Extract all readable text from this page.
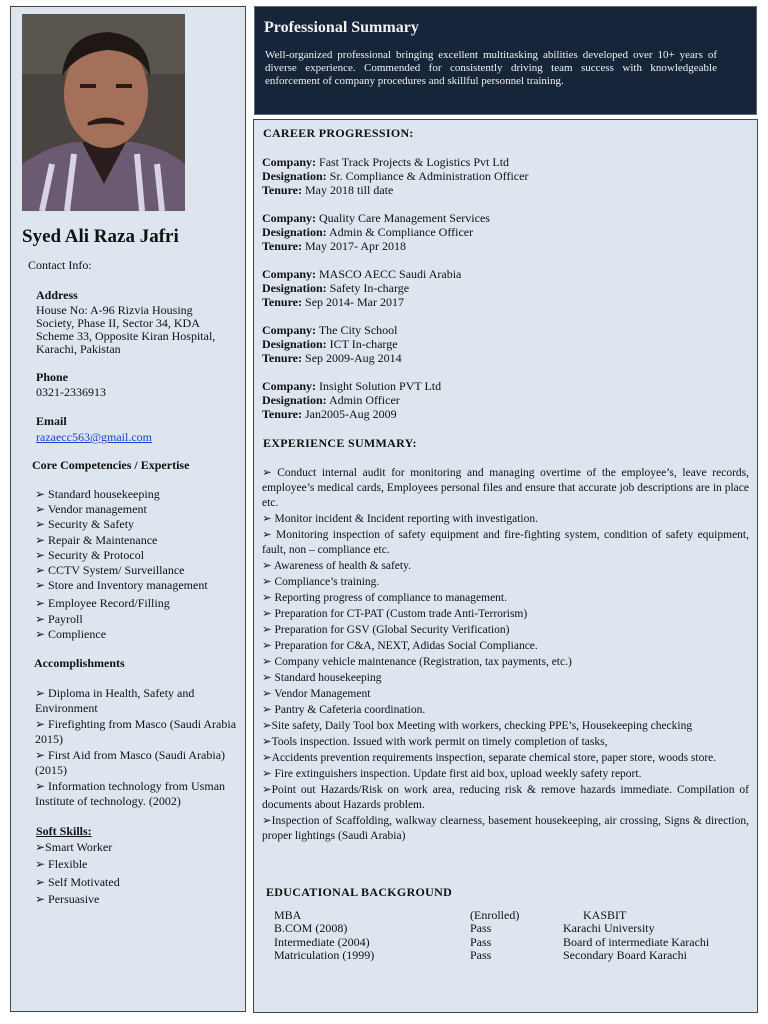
Syed Ali Raza Jafri
Contact Info:
Address
House No: A-96 Rizvia Housing
Society, Phase II, Sector 34, KDA
Scheme 33, Opposite Kiran Hospital,
Karachi, Pakistan
Phone
0321-2336913
Email
razaecc563@gmail.com
Core Competencies / Expertise
➢ Standard housekeeping
➢ Vendor management
➢ Security & Safety
➢ Repair & Maintenance
➢ Security & Protocol
➢ CCTV System/ Surveillance
➢ Store and Inventory management
➢ Employee Record/Filling
➢ Payroll
➢ Complience
Accomplishments
➢ Diploma in Health, Safety and Environment
➢ Firefighting from Masco (Saudi Arabia 2015)
➢ First Aid from Masco (Saudi Arabia) (2015)
➢ Information technology from Usman Institute of technology. (2002)
Soft Skills:
➢Smart Worker
➢ Flexible
➢ Self Motivated
➢ Persuasive
Professional Summary
Well-organized professional bringing excellent multitasking abilities developed over 10+ years of diverse experience. Commended for consistently driving team success with knowledgeable enforcement of company procedures and skillful personnel training.
CAREER PROGRESSION:
Company: Fast Track Projects & Logistics Pvt Ltd
Designation: Sr. Compliance & Administration Officer
Tenure: May 2018 till date
Company: Quality Care Management Services
Designation: Admin & Compliance Officer
Tenure: May 2017- Apr 2018
Company: MASCO AECC Saudi Arabia
Designation: Safety In-charge
Tenure: Sep 2014- Mar 2017
Company: The City School
Designation: ICT In-charge
Tenure: Sep 2009-Aug 2014
Company: Insight Solution PVT Ltd
Designation: Admin Officer
Tenure: Jan2005-Aug 2009
EXPERIENCE SUMMARY:
➢ Conduct internal audit for monitoring and managing overtime of the employee’s, leave records, employee’s medical cards, Employees personal files and ensure that accurate job descriptions are in place etc.
➢ Monitor incident & Incident reporting with investigation.
➢ Monitoring inspection of safety equipment and fire-fighting system, condition of safety equipment, fault, non – compliance etc.
➢ Awareness of health & safety.
➢ Compliance’s training.
➢ Reporting progress of compliance to management.
➢ Preparation for CT-PAT (Custom trade Anti-Terrorism)
➢ Preparation for GSV (Global Security Verification)
➢ Preparation for C&A, NEXT, Adidas Social Compliance.
➢ Company vehicle maintenance (Registration, tax payments, etc.)
➢ Standard housekeeping
➢ Vendor Management
➢ Pantry & Cafeteria coordination.
➢Site safety, Daily Tool box Meeting with workers, checking PPE’s, Housekeeping checking
➢Tools inspection. Issued with work permit on timely completion of tasks,
➢Accidents prevention requirements inspection, separate chemical store, paper store, woods store.
➢ Fire extinguishers inspection. Update first aid box, upload weekly safety report.
➢Point out Hazards/Risk on work area, reducing risk & remove hazards immediate. Compilation of documents about Hazards problem.
➢Inspection of Scaffolding, walkway clearness, basement housekeeping, air crossing, Signs & direction, proper lightings (Saudi Arabia)
EDUCATIONAL BACKGROUND
MBA	(Enrolled)	KASBIT
B.COM (2008)	Pass	Karachi University
Intermediate (2004)	Pass	Board of intermediate Karachi
Matriculation (1999)	Pass	Secondary Board Karachi
